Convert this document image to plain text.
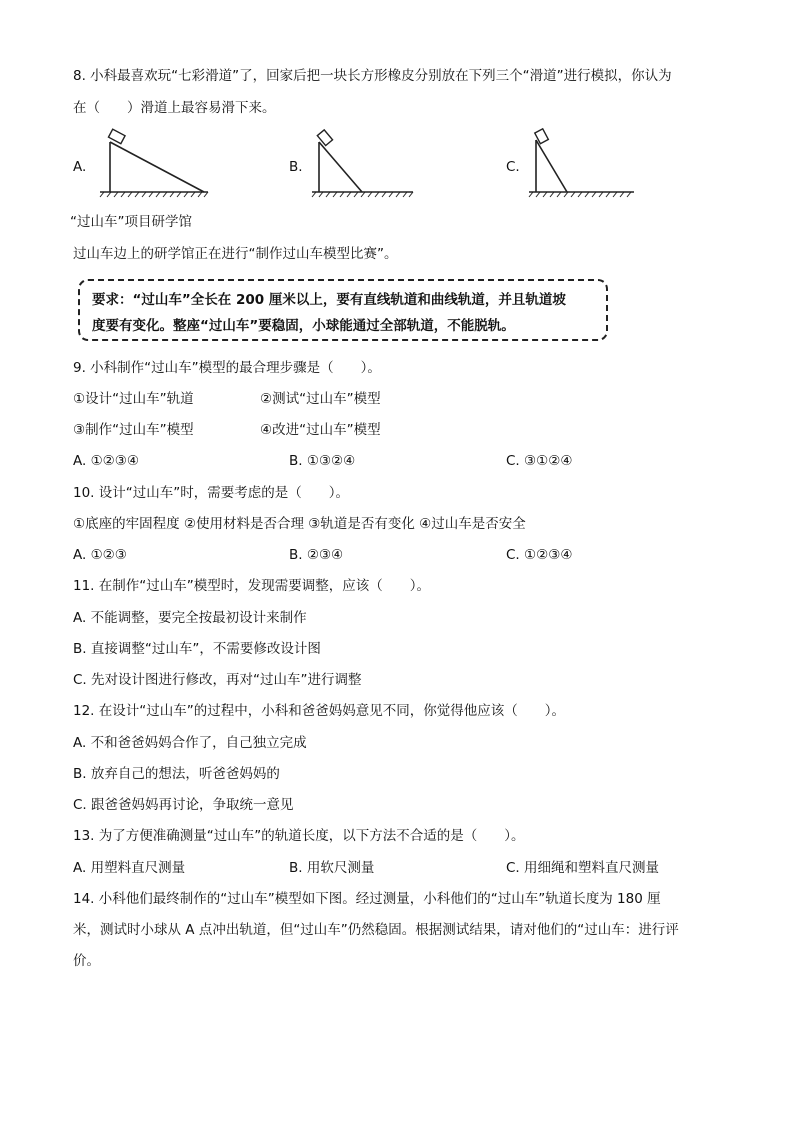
8. 小科最喜欢玩“七彩滑道”了，回家后把一块长方形橡皮分别放在下列三个“滑道”进行模拟，你认为
在（　　）滑道上最容易滑下来。
A.	B.	C.
“过山车”项目研学馆
过山车边上的研学馆正在进行“制作过山车模型比赛”。
要求：“过山车”全长在 200 厘米以上，要有直线轨道和曲线轨道，并且轨道坡
度要有变化。整座“过山车”要稳固，小球能通过全部轨道，不能脱轨。
9. 小科制作“过山车”模型的最合理步骤是（　　）。
①设计“过山车”轨道	②测试“过山车”模型
③制作“过山车”模型	④改进“过山车”模型
A. ①②③④	B. ①③②④	C. ③①②④
10. 设计“过山车”时，需要考虑的是（　　）。
①底座的牢固程度 ②使用材料是否合理 ③轨道是否有变化 ④过山车是否安全
A. ①②③	B. ②③④	C. ①②③④
11. 在制作“过山车”模型时，发现需要调整，应该（　　）。
A. 不能调整，要完全按最初设计来制作
B. 直接调整“过山车”，不需要修改设计图
C. 先对设计图进行修改，再对“过山车”进行调整
12. 在设计“过山车”的过程中，小科和爸爸妈妈意见不同，你觉得他应该（　　）。
A. 不和爸爸妈妈合作了，自己独立完成
B. 放弃自己的想法，听爸爸妈妈的
C. 跟爸爸妈妈再讨论，争取统一意见
13. 为了方便准确测量“过山车”的轨道长度，以下方法不合适的是（　　）。
A. 用塑料直尺测量	B. 用软尺测量	C. 用细绳和塑料直尺测量
14. 小科他们最终制作的“过山车”模型如下图。经过测量，小科他们的“过山车”轨道长度为 180 厘
米，测试时小球从 A 点冲出轨道，但“过山车”仍然稳固。根据测试结果，请对他们的“过山车：进行评
价。
